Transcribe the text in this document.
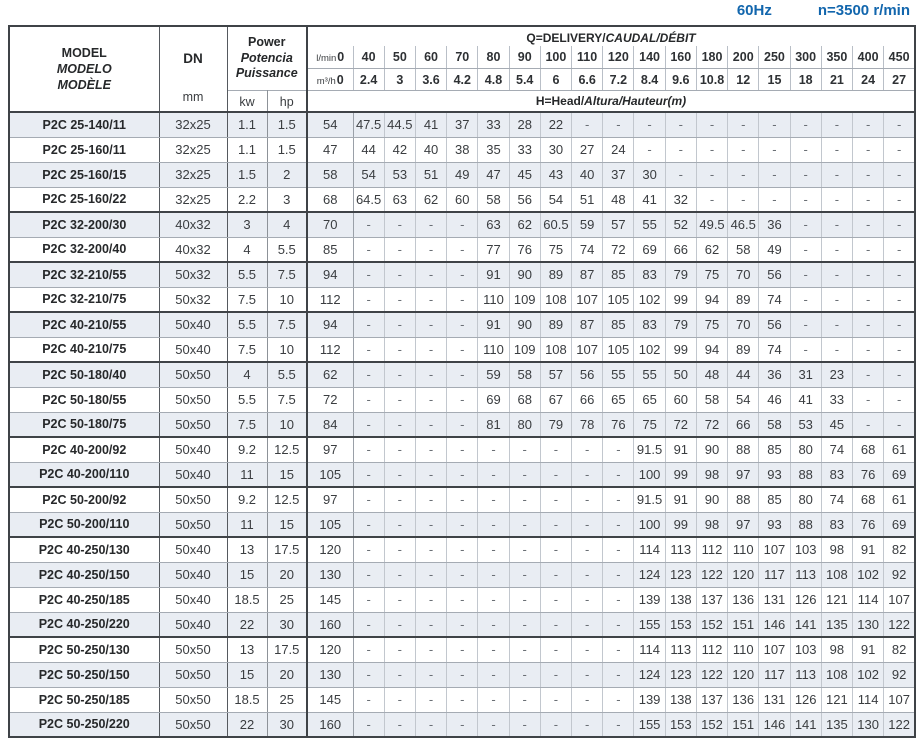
60Hz	n=3500 r/min
MODEL
MODELO
MODÈLE

DN
mm

Power
Potencia
Puissance
	Q=DELIVERY/CAUDAL/DÉBIT
				l/min0	40	50	60	70	80	90	100	110	120	140	160	180	200	250	300	350	400	450
				m³/h0	2.4	3	3.6	4.2	4.8	5.4	6	6.6	7.2	8.4	9.6	10.8	12	15	18	21	24	27
		kw	hp	H=Head/Altura/Hauteur(m)																		
P2C 25-140/11	32x25	1.1	1.5	54	47.5	44.5	41	37	33	28	22	-	-	-	-	-	-	-	-	-	-	-
P2C 25-160/11	32x25	1.1	1.5	47	44	42	40	38	35	33	30	27	24	-	-	-	-	-	-	-	-	-
P2C 25-160/15	32x25	1.5	2	58	54	53	51	49	47	45	43	40	37	30	-	-	-	-	-	-	-	-
P2C 25-160/22	32x25	2.2	3	68	64.5	63	62	60	58	56	54	51	48	41	32	-	-	-	-	-	-	-
P2C 32-200/30	40x32	3	4	70	-	-	-	-	63	62	60.5	59	57	55	52	49.5	46.5	36	-	-	-	-
P2C 32-200/40	40x32	4	5.5	85	-	-	-	-	77	76	75	74	72	69	66	62	58	49	-	-	-	-
P2C 32-210/55	50x32	5.5	7.5	94	-	-	-	-	91	90	89	87	85	83	79	75	70	56	-	-	-	-
P2C 32-210/75	50x32	7.5	10	112	-	-	-	-	110	109	108	107	105	102	99	94	89	74	-	-	-	-
P2C 40-210/55	50x40	5.5	7.5	94	-	-	-	-	91	90	89	87	85	83	79	75	70	56	-	-	-	-
P2C 40-210/75	50x40	7.5	10	112	-	-	-	-	110	109	108	107	105	102	99	94	89	74	-	-	-	-
P2C 50-180/40	50x50	4	5.5	62	-	-	-	-	59	58	57	56	55	55	50	48	44	36	31	23	-	-
P2C 50-180/55	50x50	5.5	7.5	72	-	-	-	-	69	68	67	66	65	65	60	58	54	46	41	33	-	-
P2C 50-180/75	50x50	7.5	10	84	-	-	-	-	81	80	79	78	76	75	72	72	66	58	53	45	-	-
P2C 40-200/92	50x40	9.2	12.5	97	-	-	-	-	-	-	-	-	-	91.5	91	90	88	85	80	74	68	61
P2C 40-200/110	50x40	11	15	105	-	-	-	-	-	-	-	-	-	100	99	98	97	93	88	83	76	69
P2C 50-200/92	50x50	9.2	12.5	97	-	-	-	-	-	-	-	-	-	91.5	91	90	88	85	80	74	68	61
P2C 50-200/110	50x50	11	15	105	-	-	-	-	-	-	-	-	-	100	99	98	97	93	88	83	76	69
P2C 40-250/130	50x40	13	17.5	120	-	-	-	-	-	-	-	-	-	114	113	112	110	107	103	98	91	82
P2C 40-250/150	50x40	15	20	130	-	-	-	-	-	-	-	-	-	124	123	122	120	117	113	108	102	92
P2C 40-250/185	50x40	18.5	25	145	-	-	-	-	-	-	-	-	-	139	138	137	136	131	126	121	114	107
P2C 40-250/220	50x40	22	30	160	-	-	-	-	-	-	-	-	-	155	153	152	151	146	141	135	130	122
P2C 50-250/130	50x50	13	17.5	120	-	-	-	-	-	-	-	-	-	114	113	112	110	107	103	98	91	82
P2C 50-250/150	50x50	15	20	130	-	-	-	-	-	-	-	-	-	124	123	122	120	117	113	108	102	92
P2C 50-250/185	50x50	18.5	25	145	-	-	-	-	-	-	-	-	-	139	138	137	136	131	126	121	114	107
P2C 50-250/220	50x50	22	30	160	-	-	-	-	-	-	-	-	-	155	153	152	151	146	141	135	130	122
